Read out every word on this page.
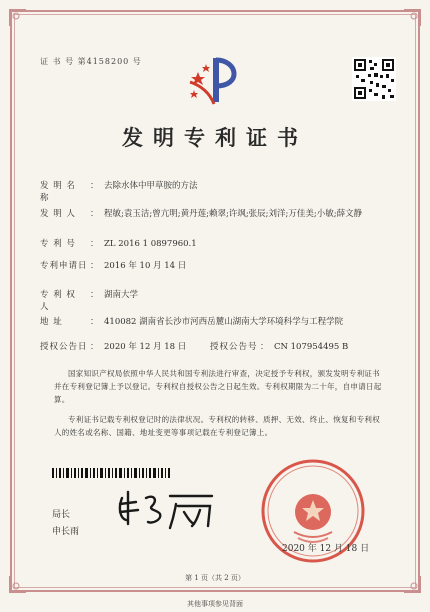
证 书 号 第4158200 号
发明专利证书
发 明 名 称
： 去除水体中甲草胺的方法
发 明 人	： 程敏;袁玉洁;曾亢明;黄丹莲;赖翠;许飒;张辰;刘洋;万佳美;小敏;薛文静
专 利 号	： ZL 2016 1 0897960.1
专利申请日 ： 2016 年 10 月 14 日
专 利 权 人
： 湖南大学
地 址	： 410082 湖南省长沙市河西岳麓山湖南大学环境科学与工程学院
授权公告日 ： 2020 年 12 月 18 日	授权公告号 ： CN 107954495 B
国家知识产权局依照中华人民共和国专利法进行审查，决定授予专利权，颁发发明专利证书并在专利登记簿上予以登记。专利权自授权公告之日起生效。专利权期限为二十年，自申请日起算。
专利证书记载专利权登记时的法律状况。专利权的转移、质押、无效、终止、恢复和专利权人的姓名或名称、国籍、地址变更等事项记载在专利登记簿上。
局长
申长雨
2020 年 12 月 18 日
第 1 页（共 2 页）
其他事项参见背面
